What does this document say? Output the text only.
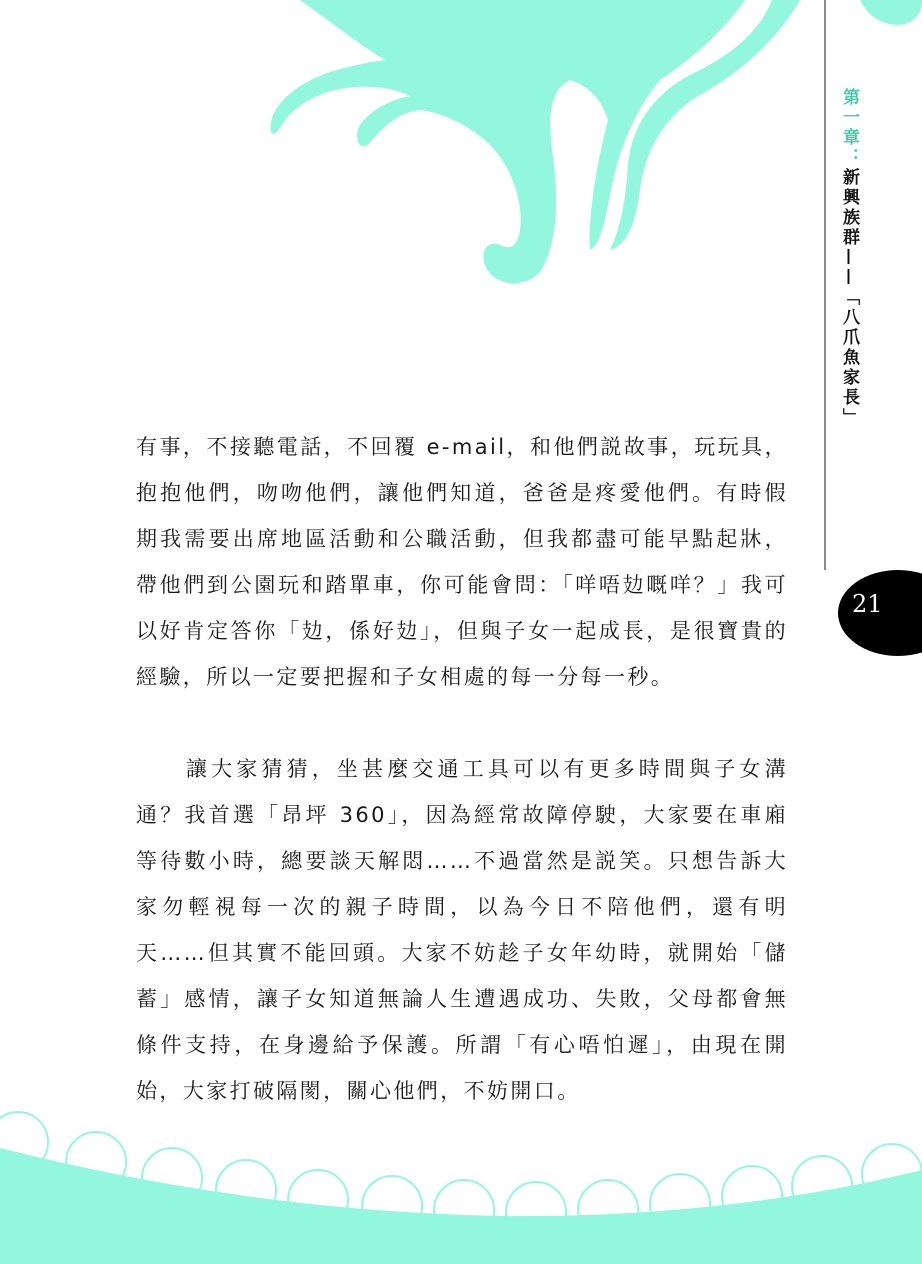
第一章：新興族群——「八爪魚家長」
21

有事，不接聽電話，不回覆 e-mail，和他們説故事，玩玩具，抱抱他們，吻吻他們，讓他們知道，爸爸是疼愛他們。有時假期我需要出席地區活動和公職活動，但我都盡可能早點起牀，帶他們到公園玩和踏單車，你可能會問：「咩唔攰嘅咩？」我可以好肯定答你「攰，係好攰」，但與子女一起成長，是很寶貴的經驗，所以一定要把握和子女相處的每一分每一秒。

讓大家猜猜，坐甚麼交通工具可以有更多時間與子女溝通？我首選「昂坪 360」，因為經常故障停駛，大家要在車廂等待數小時，總要談天解悶……不過當然是説笑。只想告訴大家勿輕視每一次的親子時間，以為今日不陪他們，還有明天……但其實不能回頭。大家不妨趁子女年幼時，就開始「儲蓄」感情，讓子女知道無論人生遭遇成功、失敗，父母都會無條件支持，在身邊給予保護。所謂「有心唔怕遲」，由現在開始，大家打破隔閡，關心他們，不妨開口。
